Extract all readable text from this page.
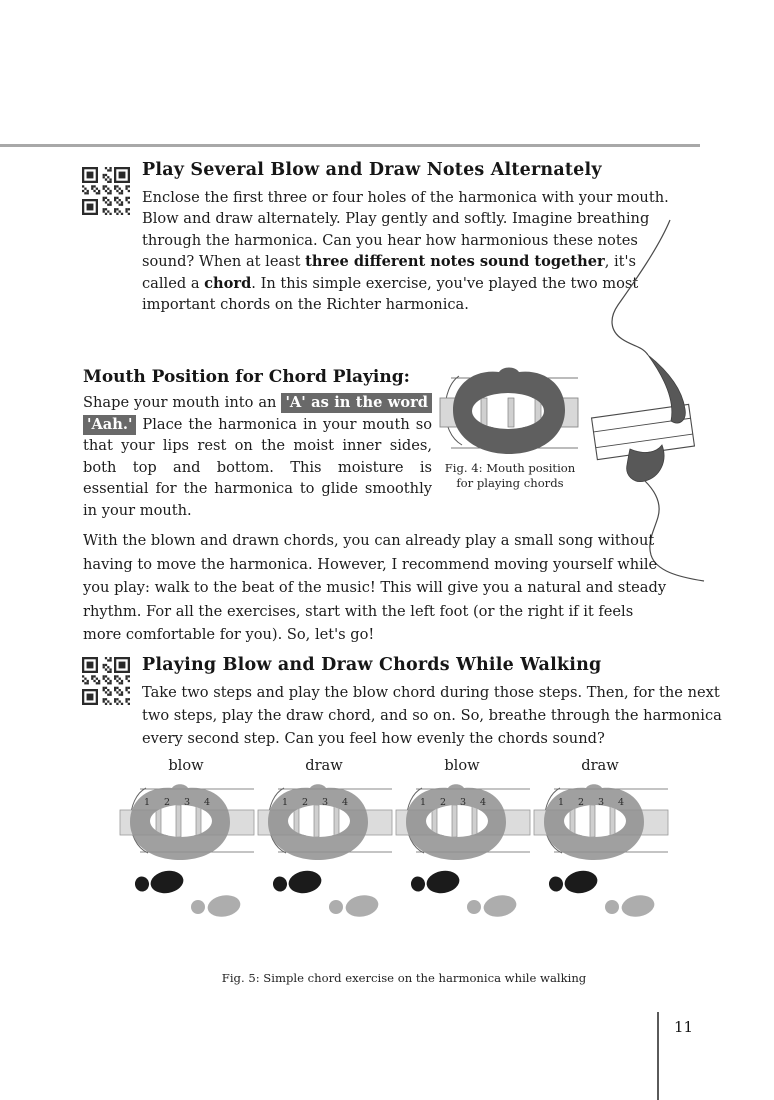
Play Several Blow and Draw Notes Alternately

Enclose the first three or four holes of the harmonica with your mouth. Blow and draw alternately. Play gently and softly. Imagine breathing through the harmonica. Can you hear how harmonious these notes sound? When at least three different notes sound together, it's called a chord. In this simple exercise, you've played the two most important chords on the Richter harmonica.

Mouth Position for Chord Playing:

Shape your mouth into an 'A' as in the word 'Aah.' Place the harmonica in your mouth so that your lips rest on the moist inner sides, both top and bottom. This moisture is essential for the harmonica to glide smoothly in your mouth.

Fig. 4: Mouth position
for playing chords

With the blown and drawn chords, you can already play a small song without having to move the harmonica. However, I recommend moving yourself while you play: walk to the beat of the music! This will give you a natural and steady rhythm. For all the exercises, start with the left foot (or the right if it feels more comfortable for you). So, let's go!

Playing Blow and Draw Chords While Walking

Take two steps and play the blow chord during those steps. Then, for the next two steps, play the draw chord, and so on. So, breathe through the harmonica every second step. Can you feel how evenly the chords sound?

blow
1 2 3 4
draw
1 2 3 4
blow
1 2 3 4
draw
1 2 3 4
Fig. 5: Simple chord exercise on the harmonica while walking
11
